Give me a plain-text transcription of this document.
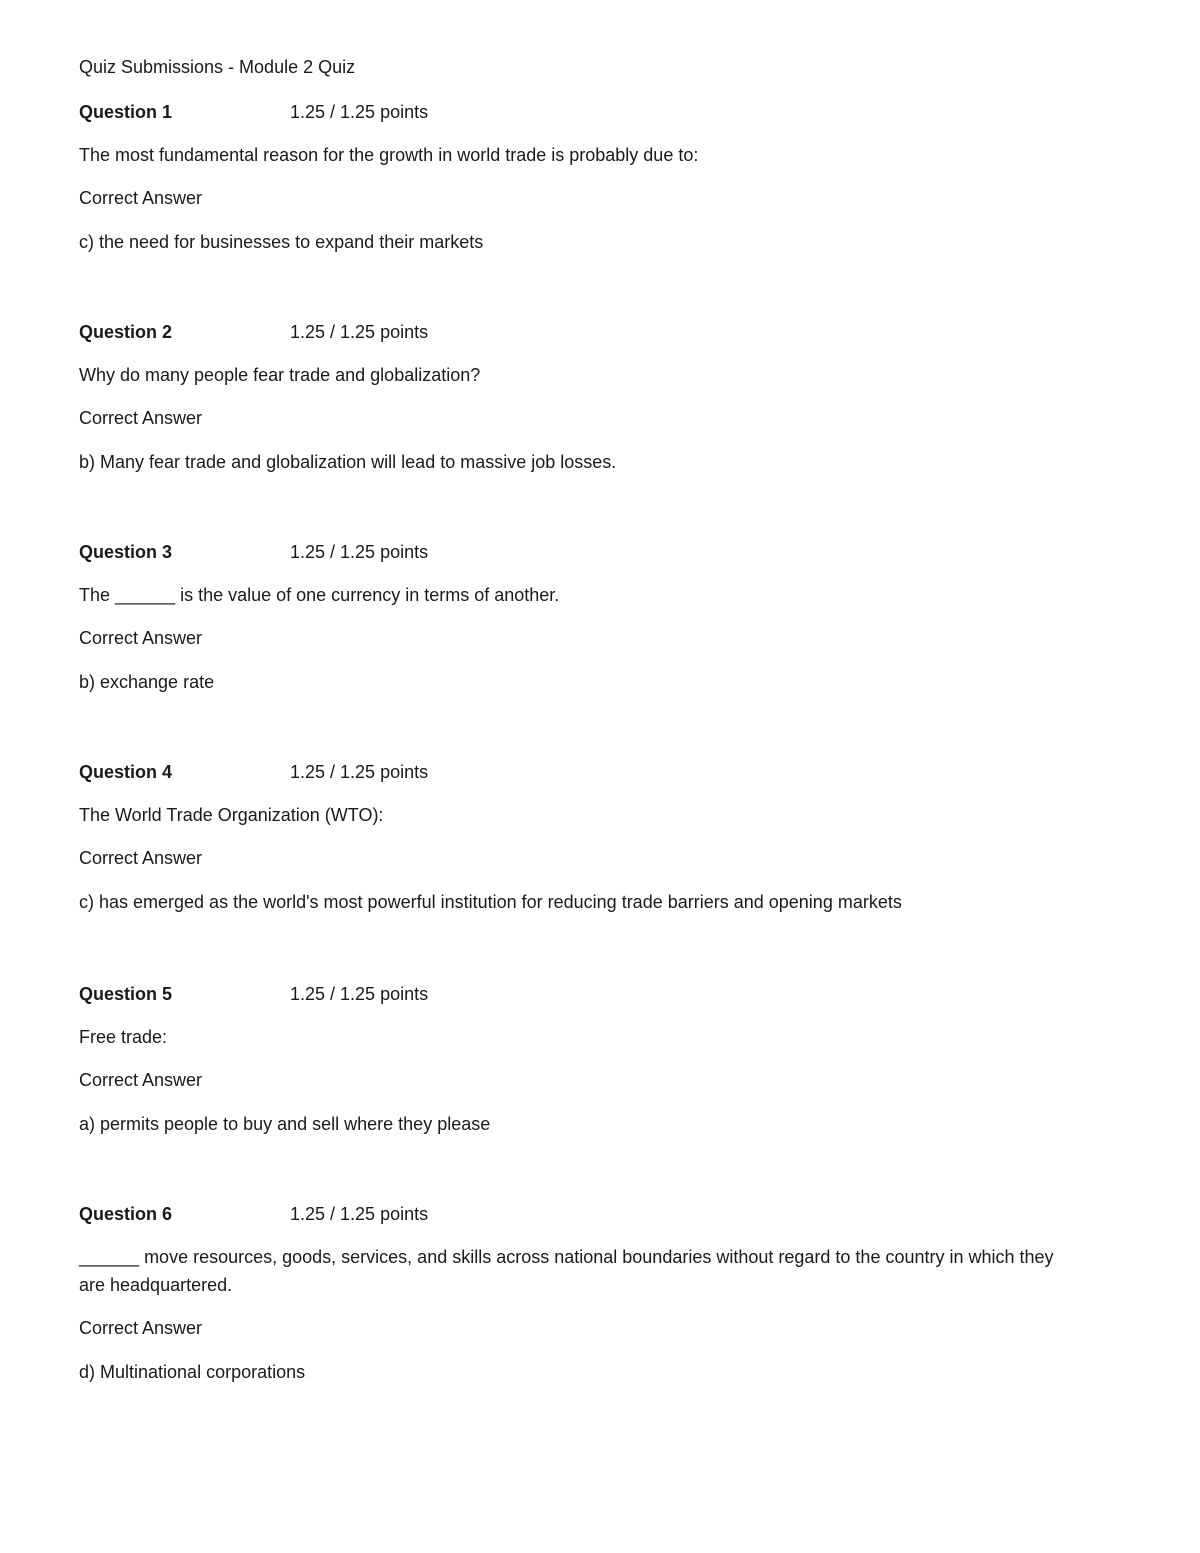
Quiz Submissions - Module 2 Quiz
Question 1	1.25 / 1.25 points
The most fundamental reason for the growth in world trade is probably due to:
Correct Answer
c) the need for businesses to expand their markets
Question 2	1.25 / 1.25 points
Why do many people fear trade and globalization?
Correct Answer
b) Many fear trade and globalization will lead to massive job losses.
Question 3	1.25 / 1.25 points
The ______ is the value of one currency in terms of another.
Correct Answer
b) exchange rate
Question 4	1.25 / 1.25 points
The World Trade Organization (WTO):
Correct Answer
c) has emerged as the world's most powerful institution for reducing trade barriers and opening markets
Question 5	1.25 / 1.25 points
Free trade:
Correct Answer
a) permits people to buy and sell where they please
Question 6	1.25 / 1.25 points
______ move resources, goods, services, and skills across national boundaries without regard to the country in which they are headquartered.
Correct Answer
d) Multinational corporations
